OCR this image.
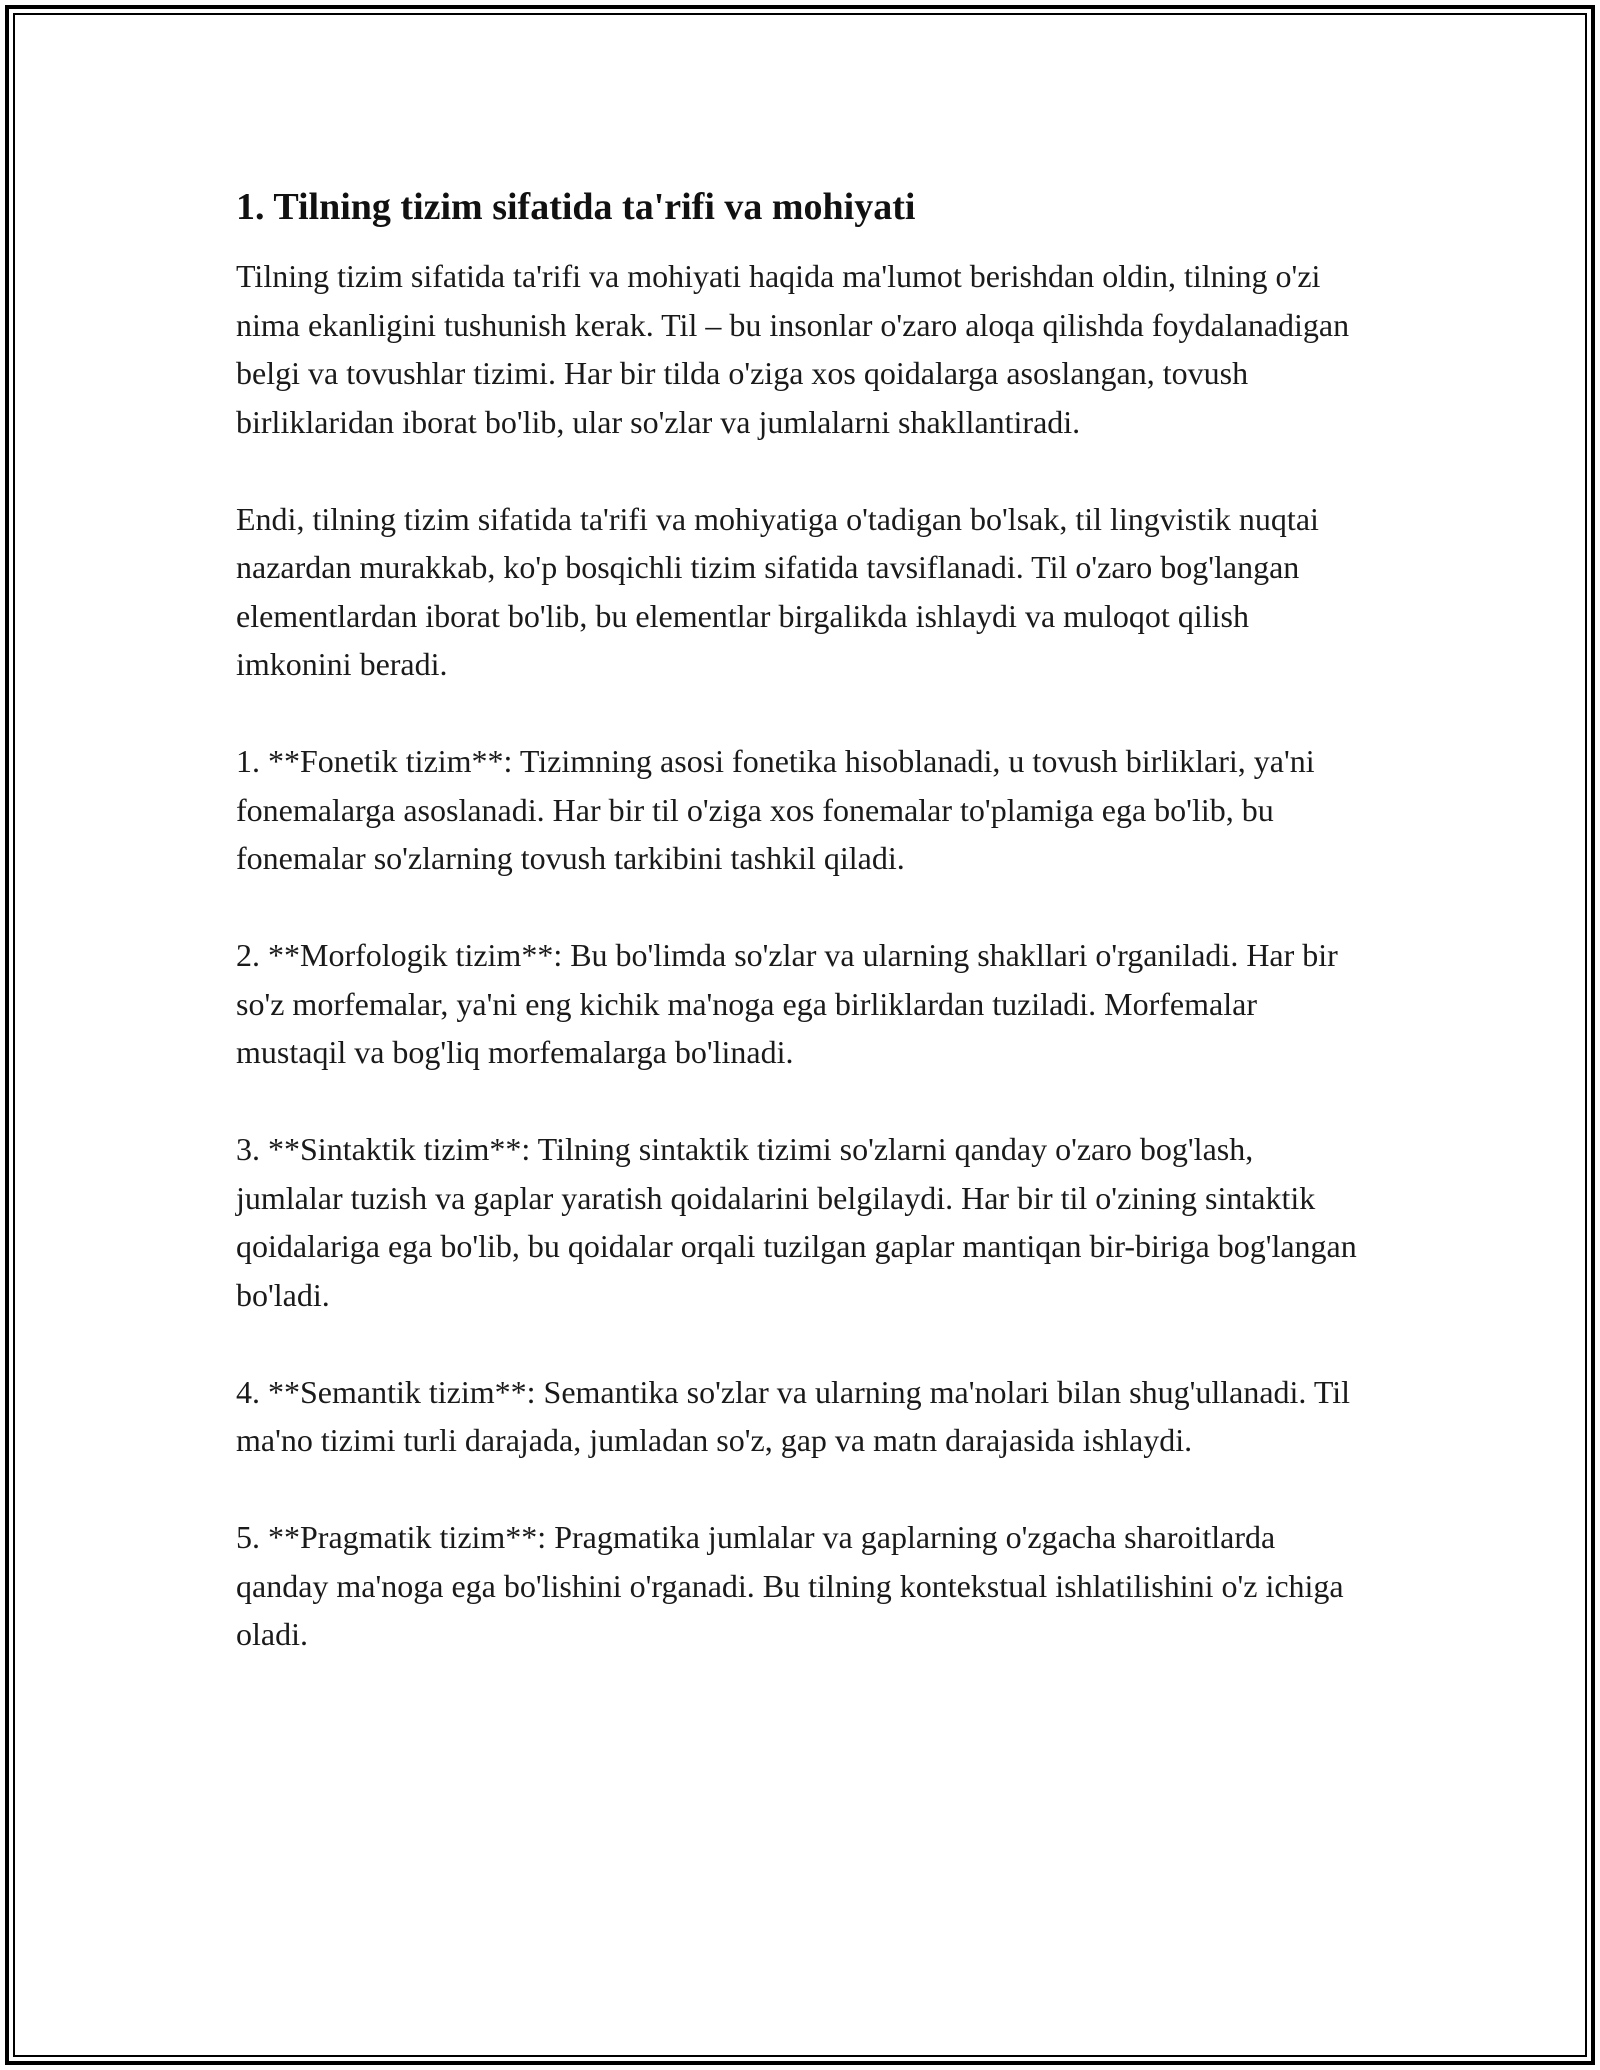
1. Tilning tizim sifatida ta'rifi va mohiyati

Tilning tizim sifatida ta'rifi va mohiyati haqida ma'lumot berishdan oldin, tilning o'zi nima ekanligini tushunish kerak. Til – bu insonlar o'zaro aloqa qilishda foydalanadigan belgi va tovushlar tizimi. Har bir tilda o'ziga xos qoidalarga asoslangan, tovush birliklaridan iborat bo'lib, ular so'zlar va jumlalarni shakllantiradi.

Endi, tilning tizim sifatida ta'rifi va mohiyatiga o'tadigan bo'lsak, til lingvistik nuqtai nazardan murakkab, ko'p bosqichli tizim sifatida tavsiflanadi. Til o'zaro bog'langan elementlardan iborat bo'lib, bu elementlar birgalikda ishlaydi va muloqot qilish imkonini beradi.

1. **Fonetik tizim**: Tizimning asosi fonetika hisoblanadi, u tovush birliklari, ya'ni fonemalarga asoslanadi. Har bir til o'ziga xos fonemalar to'plamiga ega bo'lib, bu fonemalar so'zlarning tovush tarkibini tashkil qiladi.

2. **Morfologik tizim**: Bu bo'limda so'zlar va ularning shakllari o'rganiladi. Har bir so'z morfemalar, ya'ni eng kichik ma'noga ega birliklardan tuziladi. Morfemalar mustaqil va bog'liq morfemalarga bo'linadi.

3. **Sintaktik tizim**: Tilning sintaktik tizimi so'zlarni qanday o'zaro bog'lash, jumlalar tuzish va gaplar yaratish qoidalarini belgilaydi. Har bir til o'zining sintaktik qoidalariga ega bo'lib, bu qoidalar orqali tuzilgan gaplar mantiqan bir-biriga bog'langan bo'ladi.

4. **Semantik tizim**: Semantika so'zlar va ularning ma'nolari bilan shug'ullanadi. Til ma'no tizimi turli darajada, jumladan so'z, gap va matn darajasida ishlaydi.

5. **Pragmatik tizim**: Pragmatika jumlalar va gaplarning o'zgacha sharoitlarda qanday ma'noga ega bo'lishini o'rganadi. Bu tilning kontekstual ishlatilishini o'z ichiga oladi.
